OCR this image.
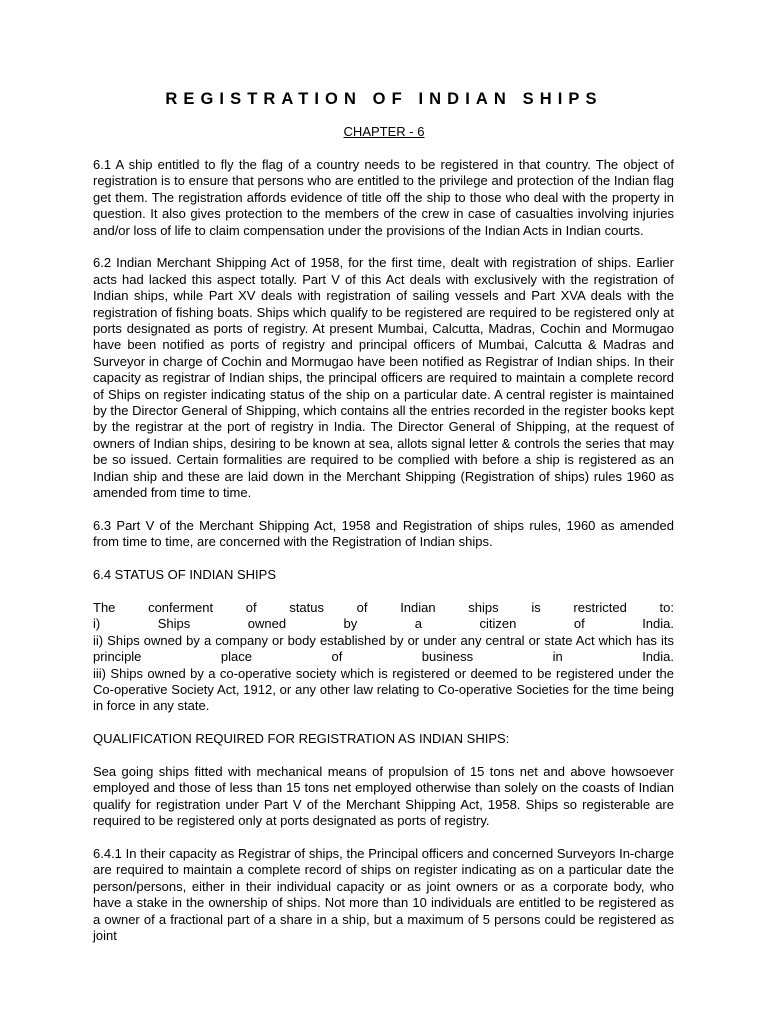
REGISTRATION OF INDIAN SHIPS
CHAPTER - 6

6.1 A ship entitled to fly the flag of a country needs to be registered in that country. The object of registration is to ensure that persons who are entitled to the privilege and protection of the Indian flag get them. The registration affords evidence of title off the ship to those who deal with the property in question. It also gives protection to the members of the crew in case of casualties involving injuries and/or loss of life to claim compensation under the provisions of the Indian Acts in Indian courts.

6.2 Indian Merchant Shipping Act of 1958, for the first time, dealt with registration of ships. Earlier acts had lacked this aspect totally. Part V of this Act deals with exclusively with the registration of Indian ships, while Part XV deals with registration of sailing vessels and Part XVA deals with the registration of fishing boats. Ships which qualify to be registered are required to be registered only at ports designated as ports of registry. At present Mumbai, Calcutta, Madras, Cochin and Mormugao have been notified as ports of registry and principal officers of Mumbai, Calcutta & Madras and Surveyor in charge of Cochin and Mormugao have been notified as Registrar of Indian ships. In their capacity as registrar of Indian ships, the principal officers are required to maintain a complete record of Ships on register indicating status of the ship on a particular date. A central register is maintained by the Director General of Shipping, which contains all the entries recorded in the register books kept by the registrar at the port of registry in India. The Director General of Shipping, at the request of owners of Indian ships, desiring to be known at sea, allots signal letter & controls the series that may be so issued. Certain formalities are required to be complied with before a ship is registered as an Indian ship and these are laid down in the Merchant Shipping (Registration of ships) rules 1960 as amended from time to time.

6.3 Part V of the Merchant Shipping Act, 1958 and Registration of ships rules, 1960 as amended from time to time, are concerned with the Registration of Indian ships.

6.4 STATUS OF INDIAN SHIPS

The conferment of status of Indian ships is restricted to:
i) Ships owned by a citizen of India.
ii) Ships owned by a company or body established by or under any central or state Act which has its
principle place of business in India.
iii) Ships owned by a co-operative society which is registered or deemed to be registered under the Co-operative Society Act, 1912, or any other law relating to Co-operative Societies for the time being in force in any state.

QUALIFICATION REQUIRED FOR REGISTRATION AS INDIAN SHIPS:

Sea going ships fitted with mechanical means of propulsion of 15 tons net and above howsoever employed and those of less than 15 tons net employed otherwise than solely on the coasts of Indian qualify for registration under Part V of the Merchant Shipping Act, 1958. Ships so registerable are required to be registered only at ports designated as ports of registry.

6.4.1 In their capacity as Registrar of ships, the Principal officers and concerned Surveyors In-charge are required to maintain a complete record of ships on register indicating as on a particular date the person/persons, either in their individual capacity or as joint owners or as a corporate body, who have a stake in the ownership of ships. Not more than 10 individuals are entitled to be registered as a owner of a fractional part of a share in a ship, but a maximum of 5 persons could be registered as joint
